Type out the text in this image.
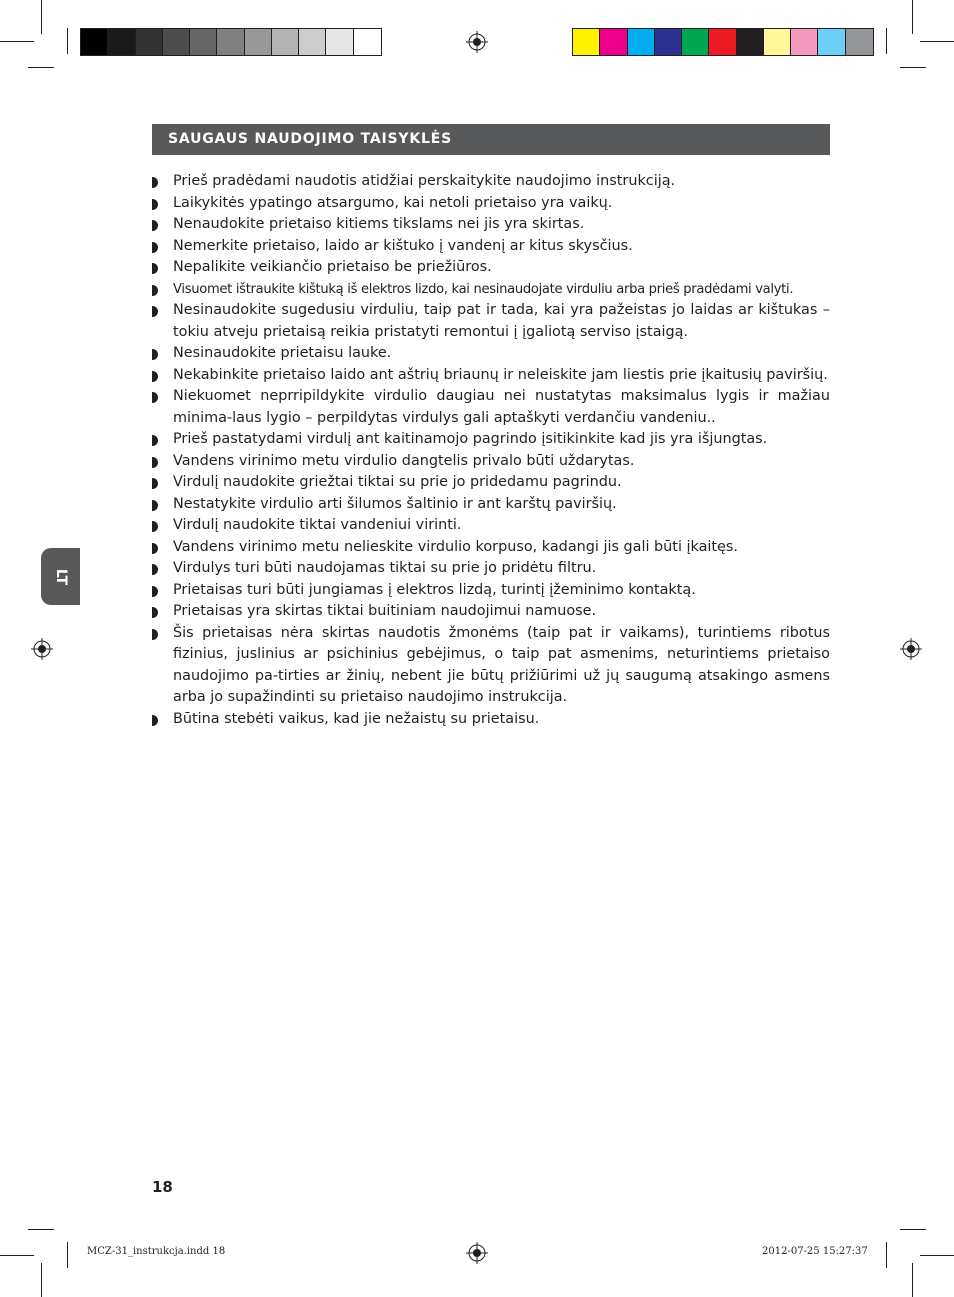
SAUGAUS NAUDOJIMO TAISYKLĖS
Prieš pradėdami naudotis atidžiai perskaitykite naudojimo instrukciją.
Laikykitės ypatingo atsargumo, kai netoli prietaiso yra vaikų.
Nenaudokite prietaiso kitiems tikslams nei jis yra skirtas.
Nemerkite prietaiso, laido ar kištuko į vandenį ar kitus skysčius.
Nepalikite veikiančio prietaiso be priežiūros.
Visuomet ištraukite kištuką iš elektros lizdo, kai nesinaudojate virduliu arba prieš pradėdami valyti.
Nesinaudokite sugedusiu virduliu, taip pat ir tada, kai yra pažeistas jo laidas ar kištukas – tokiu atveju prietaisą reikia pristatyti remontui į įgaliotą serviso įstaigą.
Nesinaudokite prietaisu lauke.
Nekabinkite prietaiso laido ant aštrių briaunų ir neleiskite jam liestis prie įkaitusių paviršių.
Niekuomet neprripildykite virdulio daugiau nei nustatytas maksimalus lygis ir mažiau minima-laus lygio – perpildytas virdulys gali aptaškyti verdančiu vandeniu..
Prieš pastatydami virdulį ant kaitinamojo pagrindo įsitikinkite kad jis yra išjungtas.
Vandens virinimo metu virdulio dangtelis privalo būti uždarytas.
Virdulį naudokite griežtai tiktai su prie jo pridedamu pagrindu.
Nestatykite virdulio arti šilumos šaltinio ir ant karštų paviršių.
Virdulį naudokite tiktai vandeniui virinti.
Vandens virinimo metu nelieskite virdulio korpuso, kadangi jis gali būti įkaitęs.
Virdulys turi būti naudojamas tiktai su prie jo pridėtu filtru.
Prietaisas turi būti jungiamas į elektros lizdą, turintį įžeminimo kontaktą.
Prietaisas yra skirtas tiktai buitiniam naudojimui namuose.
Šis prietaisas nėra skirtas naudotis žmonėms (taip pat ir vaikams), turintiems ribotus fizinius, juslinius ar psichinius gebėjimus, o taip pat asmenims, neturintiems prietaiso naudojimo pa-tirties ar žinių, nebent jie būtų prižiūrimi už jų saugumą atsakingo asmens arba jo supažindinti su prietaiso naudojimo instrukcija.
Būtina stebėti vaikus, kad jie nežaistų su prietaisu.
LT
18
MCZ-31_instrukcja.indd 18	2012-07-25 15:27:37
